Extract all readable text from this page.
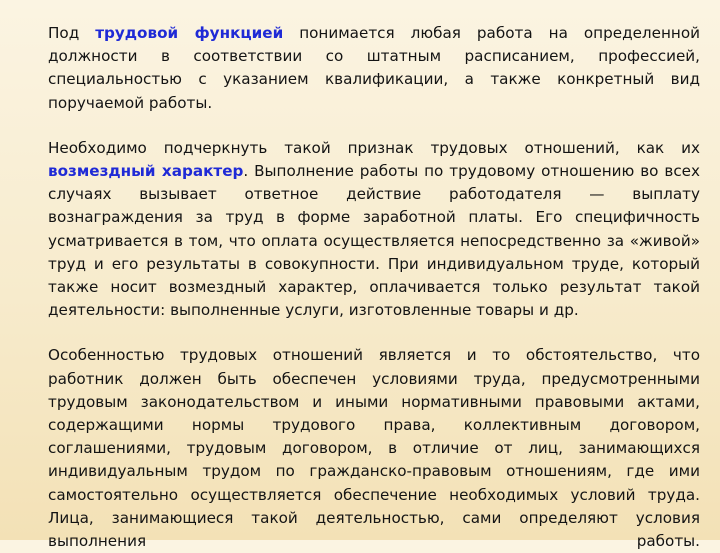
Под трудовой функцией понимается любая работа на определенной должности в соответствии со штатным расписанием, профессией, специальностью с указанием квалификации, а также конкретный вид поручаемой работы.

Необходимо подчеркнуть такой признак трудовых отношений, как их возмездный характер. Выполнение работы по трудовому отношению во всех случаях вызывает ответное действие работодателя — выплату вознаграждения за труд в форме заработной платы. Его специфичность усматривается в том, что оплата осуществляется непосредственно за «живой» труд и его результаты в совокупности. При индивидуальном труде, который также носит возмездный характер, оплачивается только результат такой деятельности: выполненные услуги, изготовленные товары и др.

Особенностью трудовых отношений является и то обстоятельство, что работник должен быть обеспечен условиями труда, предусмотренными трудовым законодательством и иными нормативными правовыми актами, содержащими нормы трудового права, коллективным договором, соглашениями, трудовым договором, в отличие от лиц, занимающихся индивидуальным трудом по гражданско-правовым отношениям, где ими самостоятельно осуществляется обеспечение необходимых условий труда. Лица, занимающиеся такой деятельностью, сами определяют условия выполнения работы.
